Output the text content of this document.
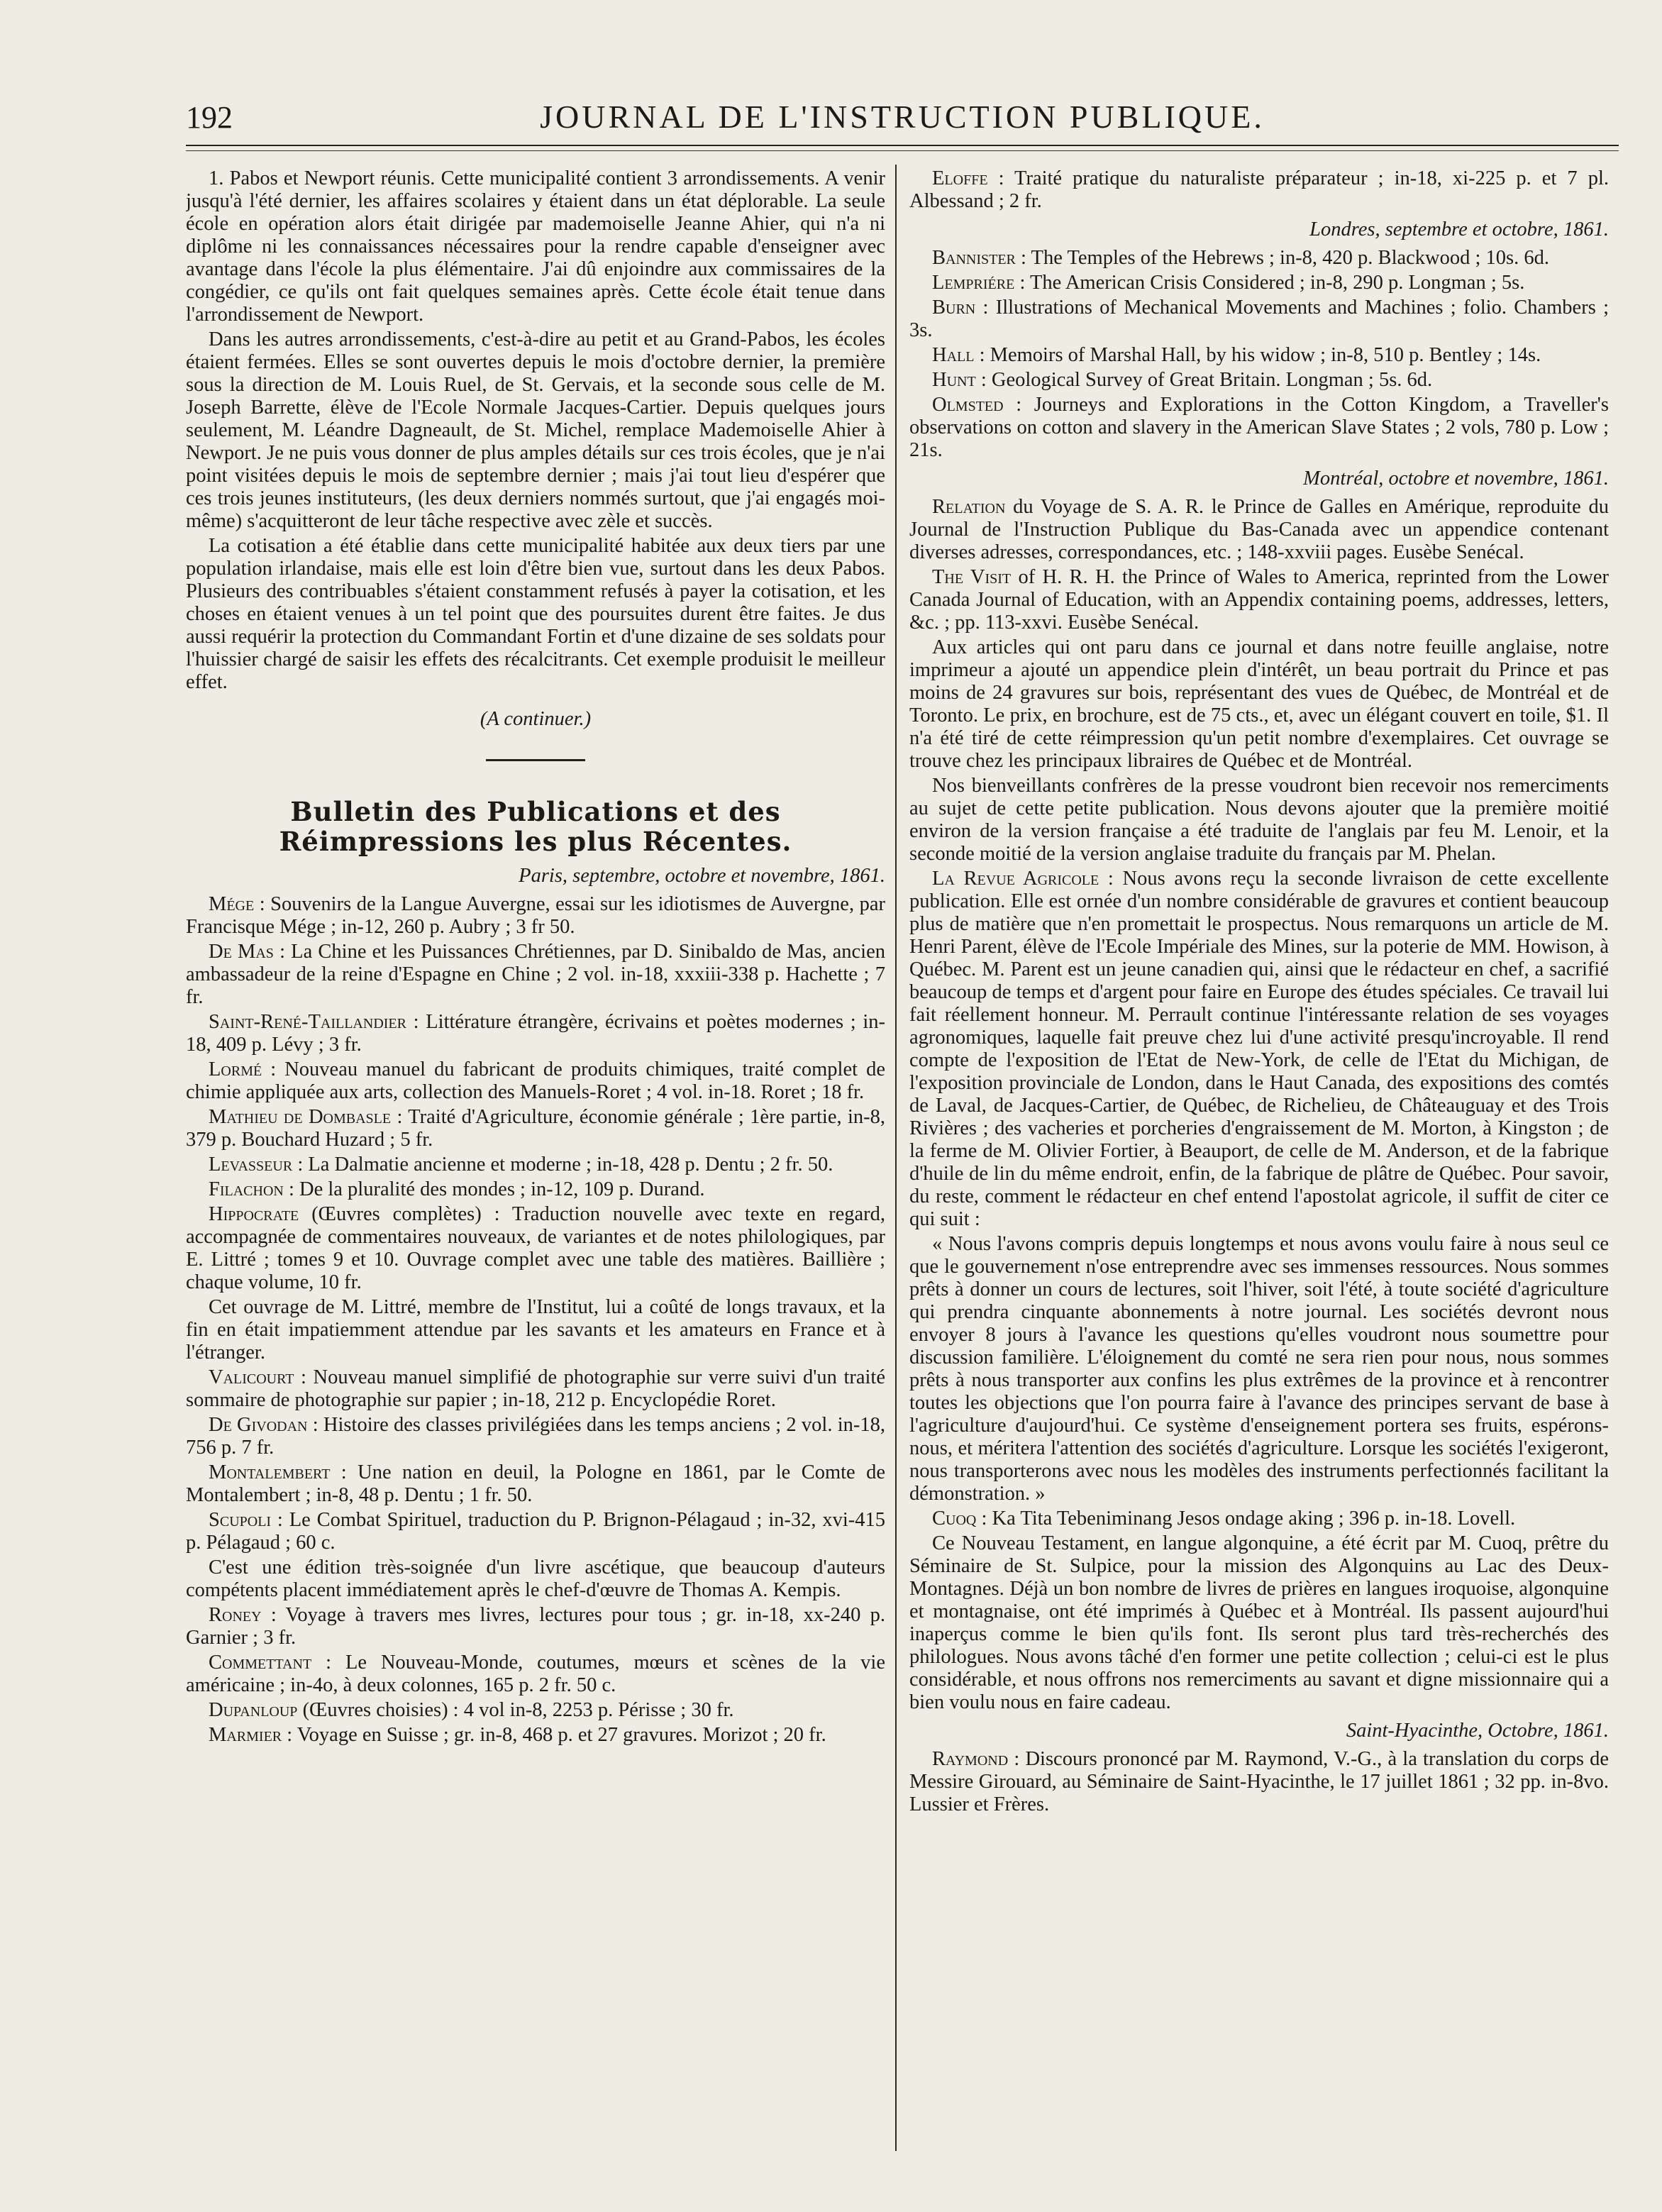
192	JOURNAL DE L'INSTRUCTION PUBLIQUE.

1. Pabos et Newport réunis. Cette municipalité contient 3 arrondissements. A venir jusqu'à l'été dernier, les affaires scolaires y étaient dans un état déplorable. La seule école en opération alors était dirigée par mademoiselle Jeanne Ahier, qui n'a ni diplôme ni les connaissances nécessaires pour la rendre capable d'enseigner avec avantage dans l'école la plus élémentaire. J'ai dû enjoindre aux commissaires de la congédier, ce qu'ils ont fait quelques semaines après. Cette école était tenue dans l'arrondissement de Newport.

Dans les autres arrondissements, c'est-à-dire au petit et au Grand-Pabos, les écoles étaient fermées. Elles se sont ouvertes depuis le mois d'octobre dernier, la première sous la direction de M. Louis Ruel, de St. Gervais, et la seconde sous celle de M. Joseph Barrette, élève de l'Ecole Normale Jacques-Cartier. Depuis quelques jours seulement, M. Léandre Dagneault, de St. Michel, remplace Mademoiselle Ahier à Newport. Je ne puis vous donner de plus amples détails sur ces trois écoles, que je n'ai point visitées depuis le mois de septembre dernier ; mais j'ai tout lieu d'espérer que ces trois jeunes instituteurs, (les deux derniers nommés surtout, que j'ai engagés moi-même) s'acquitteront de leur tâche respective avec zèle et succès.

La cotisation a été établie dans cette municipalité habitée aux deux tiers par une population irlandaise, mais elle est loin d'être bien vue, surtout dans les deux Pabos. Plusieurs des contribuables s'étaient constamment refusés à payer la cotisation, et les choses en étaient venues à un tel point que des poursuites durent être faites. Je dus aussi requérir la protection du Commandant Fortin et d'une dizaine de ses soldats pour l'huissier chargé de saisir les effets des récalcitrants. Cet exemple produisit le meilleur effet.

(A continuer.)
Bulletin des Publications et des Réimpressions les plus Récentes.
Paris, septembre, octobre et novembre, 1861.

Mége : Souvenirs de la Langue Auvergne, essai sur les idiotismes de Auvergne, par Francisque Mége ; in-12, 260 p. Aubry ; 3 fr 50.

De Mas : La Chine et les Puissances Chrétiennes, par D. Sinibaldo de Mas, ancien ambassadeur de la reine d'Espagne en Chine ; 2 vol. in-18, xxxiii-338 p. Hachette ; 7 fr.

Saint-René-Taillandier : Littérature étrangère, écrivains et poètes modernes ; in-18, 409 p. Lévy ; 3 fr.

Lormé : Nouveau manuel du fabricant de produits chimiques, traité complet de chimie appliquée aux arts, collection des Manuels-Roret ; 4 vol. in-18. Roret ; 18 fr.

Mathieu de Dombasle : Traité d'Agriculture, économie générale ; 1ère partie, in-8, 379 p. Bouchard Huzard ; 5 fr.

Levasseur : La Dalmatie ancienne et moderne ; in-18, 428 p. Dentu ; 2 fr. 50.

Filachon : De la pluralité des mondes ; in-12, 109 p. Durand.

Hippocrate (Œuvres complètes) : Traduction nouvelle avec texte en regard, accompagnée de commentaires nouveaux, de variantes et de notes philologiques, par E. Littré ; tomes 9 et 10. Ouvrage complet avec une table des matières. Baillière ; chaque volume, 10 fr.

Cet ouvrage de M. Littré, membre de l'Institut, lui a coûté de longs travaux, et la fin en était impatiemment attendue par les savants et les amateurs en France et à l'étranger.

Valicourt : Nouveau manuel simplifié de photographie sur verre suivi d'un traité sommaire de photographie sur papier ; in-18, 212 p. Encyclopédie Roret.

De Givodan : Histoire des classes privilégiées dans les temps anciens ; 2 vol. in-18, 756 p. 7 fr.

Montalembert : Une nation en deuil, la Pologne en 1861, par le Comte de Montalembert ; in-8, 48 p. Dentu ; 1 fr. 50.

Scupoli : Le Combat Spirituel, traduction du P. Brignon-Pélagaud ; in-32, xvi-415 p. Pélagaud ; 60 c.

C'est une édition très-soignée d'un livre ascétique, que beaucoup d'auteurs compétents placent immédiatement après le chef-d'œuvre de Thomas A. Kempis.

Roney : Voyage à travers mes livres, lectures pour tous ; gr. in-18, xx-240 p. Garnier ; 3 fr.

Commettant : Le Nouveau-Monde, coutumes, mœurs et scènes de la vie américaine ; in-4o, à deux colonnes, 165 p. 2 fr. 50 c.

Dupanloup (Œuvres choisies) : 4 vol in-8, 2253 p. Périsse ; 30 fr.

Marmier : Voyage en Suisse ; gr. in-8, 468 p. et 27 gravures. Morizot ; 20 fr.

Eloffe : Traité pratique du naturaliste préparateur ; in-18, xi-225 p. et 7 pl. Albessand ; 2 fr.

Londres, septembre et octobre, 1861.

Bannister : The Temples of the Hebrews ; in-8, 420 p. Blackwood ; 10s. 6d.

Lempriére : The American Crisis Considered ; in-8, 290 p. Longman ; 5s.

Burn : Illustrations of Mechanical Movements and Machines ; folio. Chambers ; 3s.

Hall : Memoirs of Marshal Hall, by his widow ; in-8, 510 p. Bentley ; 14s.

Hunt : Geological Survey of Great Britain. Longman ; 5s. 6d.

Olmsted : Journeys and Explorations in the Cotton Kingdom, a Traveller's observations on cotton and slavery in the American Slave States ; 2 vols, 780 p. Low ; 21s.

Montréal, octobre et novembre, 1861.

Relation du Voyage de S. A. R. le Prince de Galles en Amérique, reproduite du Journal de l'Instruction Publique du Bas-Canada avec un appendice contenant diverses adresses, correspondances, etc. ; 148-xxviii pages. Eusèbe Senécal.

The Visit of H. R. H. the Prince of Wales to America, reprinted from the Lower Canada Journal of Education, with an Appendix containing poems, addresses, letters, &c. ; pp. 113-xxvi. Eusèbe Senécal.

Aux articles qui ont paru dans ce journal et dans notre feuille anglaise, notre imprimeur a ajouté un appendice plein d'intérêt, un beau portrait du Prince et pas moins de 24 gravures sur bois, représentant des vues de Québec, de Montréal et de Toronto. Le prix, en brochure, est de 75 cts., et, avec un élégant couvert en toile, $1. Il n'a été tiré de cette réimpression qu'un petit nombre d'exemplaires. Cet ouvrage se trouve chez les principaux libraires de Québec et de Montréal.

Nos bienveillants confrères de la presse voudront bien recevoir nos remerciments au sujet de cette petite publication. Nous devons ajouter que la première moitié environ de la version française a été traduite de l'anglais par feu M. Lenoir, et la seconde moitié de la version anglaise traduite du français par M. Phelan.

La Revue Agricole : Nous avons reçu la seconde livraison de cette excellente publication. Elle est ornée d'un nombre considérable de gravures et contient beaucoup plus de matière que n'en promettait le prospectus. Nous remarquons un article de M. Henri Parent, élève de l'Ecole Impériale des Mines, sur la poterie de MM. Howison, à Québec. M. Parent est un jeune canadien qui, ainsi que le rédacteur en chef, a sacrifié beaucoup de temps et d'argent pour faire en Europe des études spéciales. Ce travail lui fait réellement honneur. M. Perrault continue l'intéressante relation de ses voyages agronomiques, laquelle fait preuve chez lui d'une activité presqu'incroyable. Il rend compte de l'exposition de l'Etat de New-York, de celle de l'Etat du Michigan, de l'exposition provinciale de London, dans le Haut Canada, des expositions des comtés de Laval, de Jacques-Cartier, de Québec, de Richelieu, de Châteauguay et des Trois Rivières ; des vacheries et porcheries d'engraissement de M. Morton, à Kingston ; de la ferme de M. Olivier Fortier, à Beauport, de celle de M. Anderson, et de la fabrique d'huile de lin du même endroit, enfin, de la fabrique de plâtre de Québec. Pour savoir, du reste, comment le rédacteur en chef entend l'apostolat agricole, il suffit de citer ce qui suit :

« Nous l'avons compris depuis longtemps et nous avons voulu faire à nous seul ce que le gouvernement n'ose entreprendre avec ses immenses ressources. Nous sommes prêts à donner un cours de lectures, soit l'hiver, soit l'été, à toute société d'agriculture qui prendra cinquante abonnements à notre journal. Les sociétés devront nous envoyer 8 jours à l'avance les questions qu'elles voudront nous soumettre pour discussion familière. L'éloignement du comté ne sera rien pour nous, nous sommes prêts à nous transporter aux confins les plus extrêmes de la province et à rencontrer toutes les objections que l'on pourra faire à l'avance des principes servant de base à l'agriculture d'aujourd'hui. Ce système d'enseignement portera ses fruits, espérons-nous, et méritera l'attention des sociétés d'agriculture. Lorsque les sociétés l'exigeront, nous transporterons avec nous les modèles des instruments perfectionnés facilitant la démonstration. »

Cuoq : Ka Tita Tebeniminang Jesos ondage aking ; 396 p. in-18. Lovell.

Ce Nouveau Testament, en langue algonquine, a été écrit par M. Cuoq, prêtre du Séminaire de St. Sulpice, pour la mission des Algonquins au Lac des Deux-Montagnes. Déjà un bon nombre de livres de prières en langues iroquoise, algonquine et montagnaise, ont été imprimés à Québec et à Montréal. Ils passent aujourd'hui inaperçus comme le bien qu'ils font. Ils seront plus tard très-recherchés des philologues. Nous avons tâché d'en former une petite collection ; celui-ci est le plus considérable, et nous offrons nos remerciments au savant et digne missionnaire qui a bien voulu nous en faire cadeau.

Saint-Hyacinthe, Octobre, 1861.

Raymond : Discours prononcé par M. Raymond, V.-G., à la translation du corps de Messire Girouard, au Séminaire de Saint-Hyacinthe, le 17 juillet 1861 ; 32 pp. in-8vo. Lussier et Frères.
